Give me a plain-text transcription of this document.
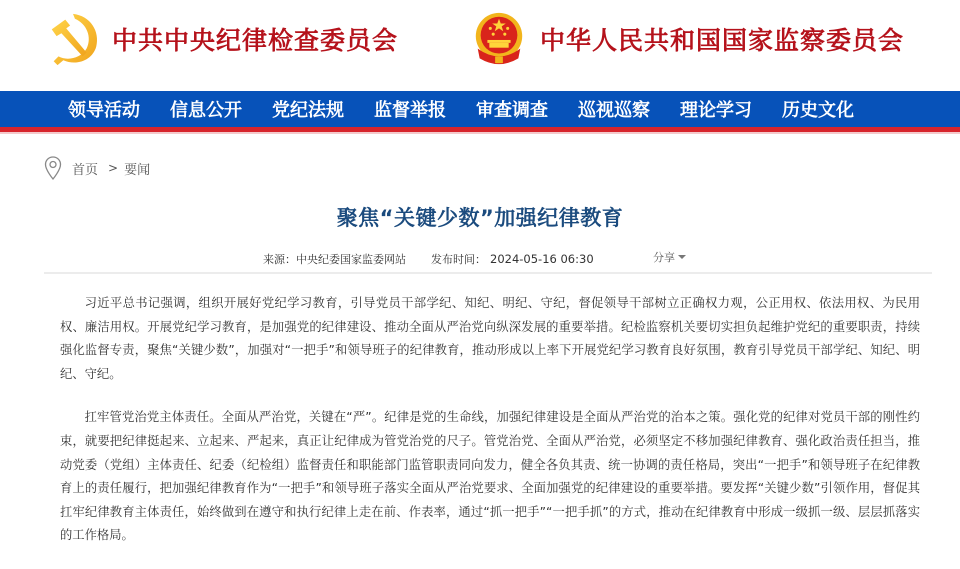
中共中央纪律检查委员会	中华人民共和国国家监察委员会
领导活动 信息公开 党纪法规 监督举报 审查调查 巡视巡察 理论学习 历史文化
首页 > 要闻
聚焦“关键少数”加强纪律教育
来源：中央纪委国家监委网站 发布时间： 2024-05-16 06:30	分享

习近平总书记强调，组织开展好党纪学习教育，引导党员干部学纪、知纪、明纪、守纪，督促领导干部树立正确权力观，公正用权、依法用权、为民用权、廉洁用权。开展党纪学习教育，是加强党的纪律建设、推动全面从严治党向纵深发展的重要举措。纪检监察机关要切实担负起维护党纪的重要职责，持续强化监督专责，聚焦“关键少数”，加强对“一把手”和领导班子的纪律教育，推动形成以上率下开展党纪学习教育良好氛围，教育引导党员干部学纪、知纪、明纪、守纪。

扛牢管党治党主体责任。全面从严治党，关键在“严”。纪律是党的生命线，加强纪律建设是全面从严治党的治本之策。强化党的纪律对党员干部的刚性约束，就要把纪律挺起来、立起来、严起来，真正让纪律成为管党治党的尺子。管党治党、全面从严治党，必须坚定不移加强纪律教育、强化政治责任担当，推动党委（党组）主体责任、纪委（纪检组）监督责任和职能部门监管职责同向发力，健全各负其责、统一协调的责任格局，突出“一把手”和领导班子在纪律教育上的责任履行，把加强纪律教育作为“一把手”和领导班子落实全面从严治党要求、全面加强党的纪律建设的重要举措。要发挥“关键少数”引领作用，督促其扛牢纪律教育主体责任，始终做到在遵守和执行纪律上走在前、作表率，通过“抓一把手”“一把手抓”的方式，推动在纪律教育中形成一级抓一级、层层抓落实的工作格局。
